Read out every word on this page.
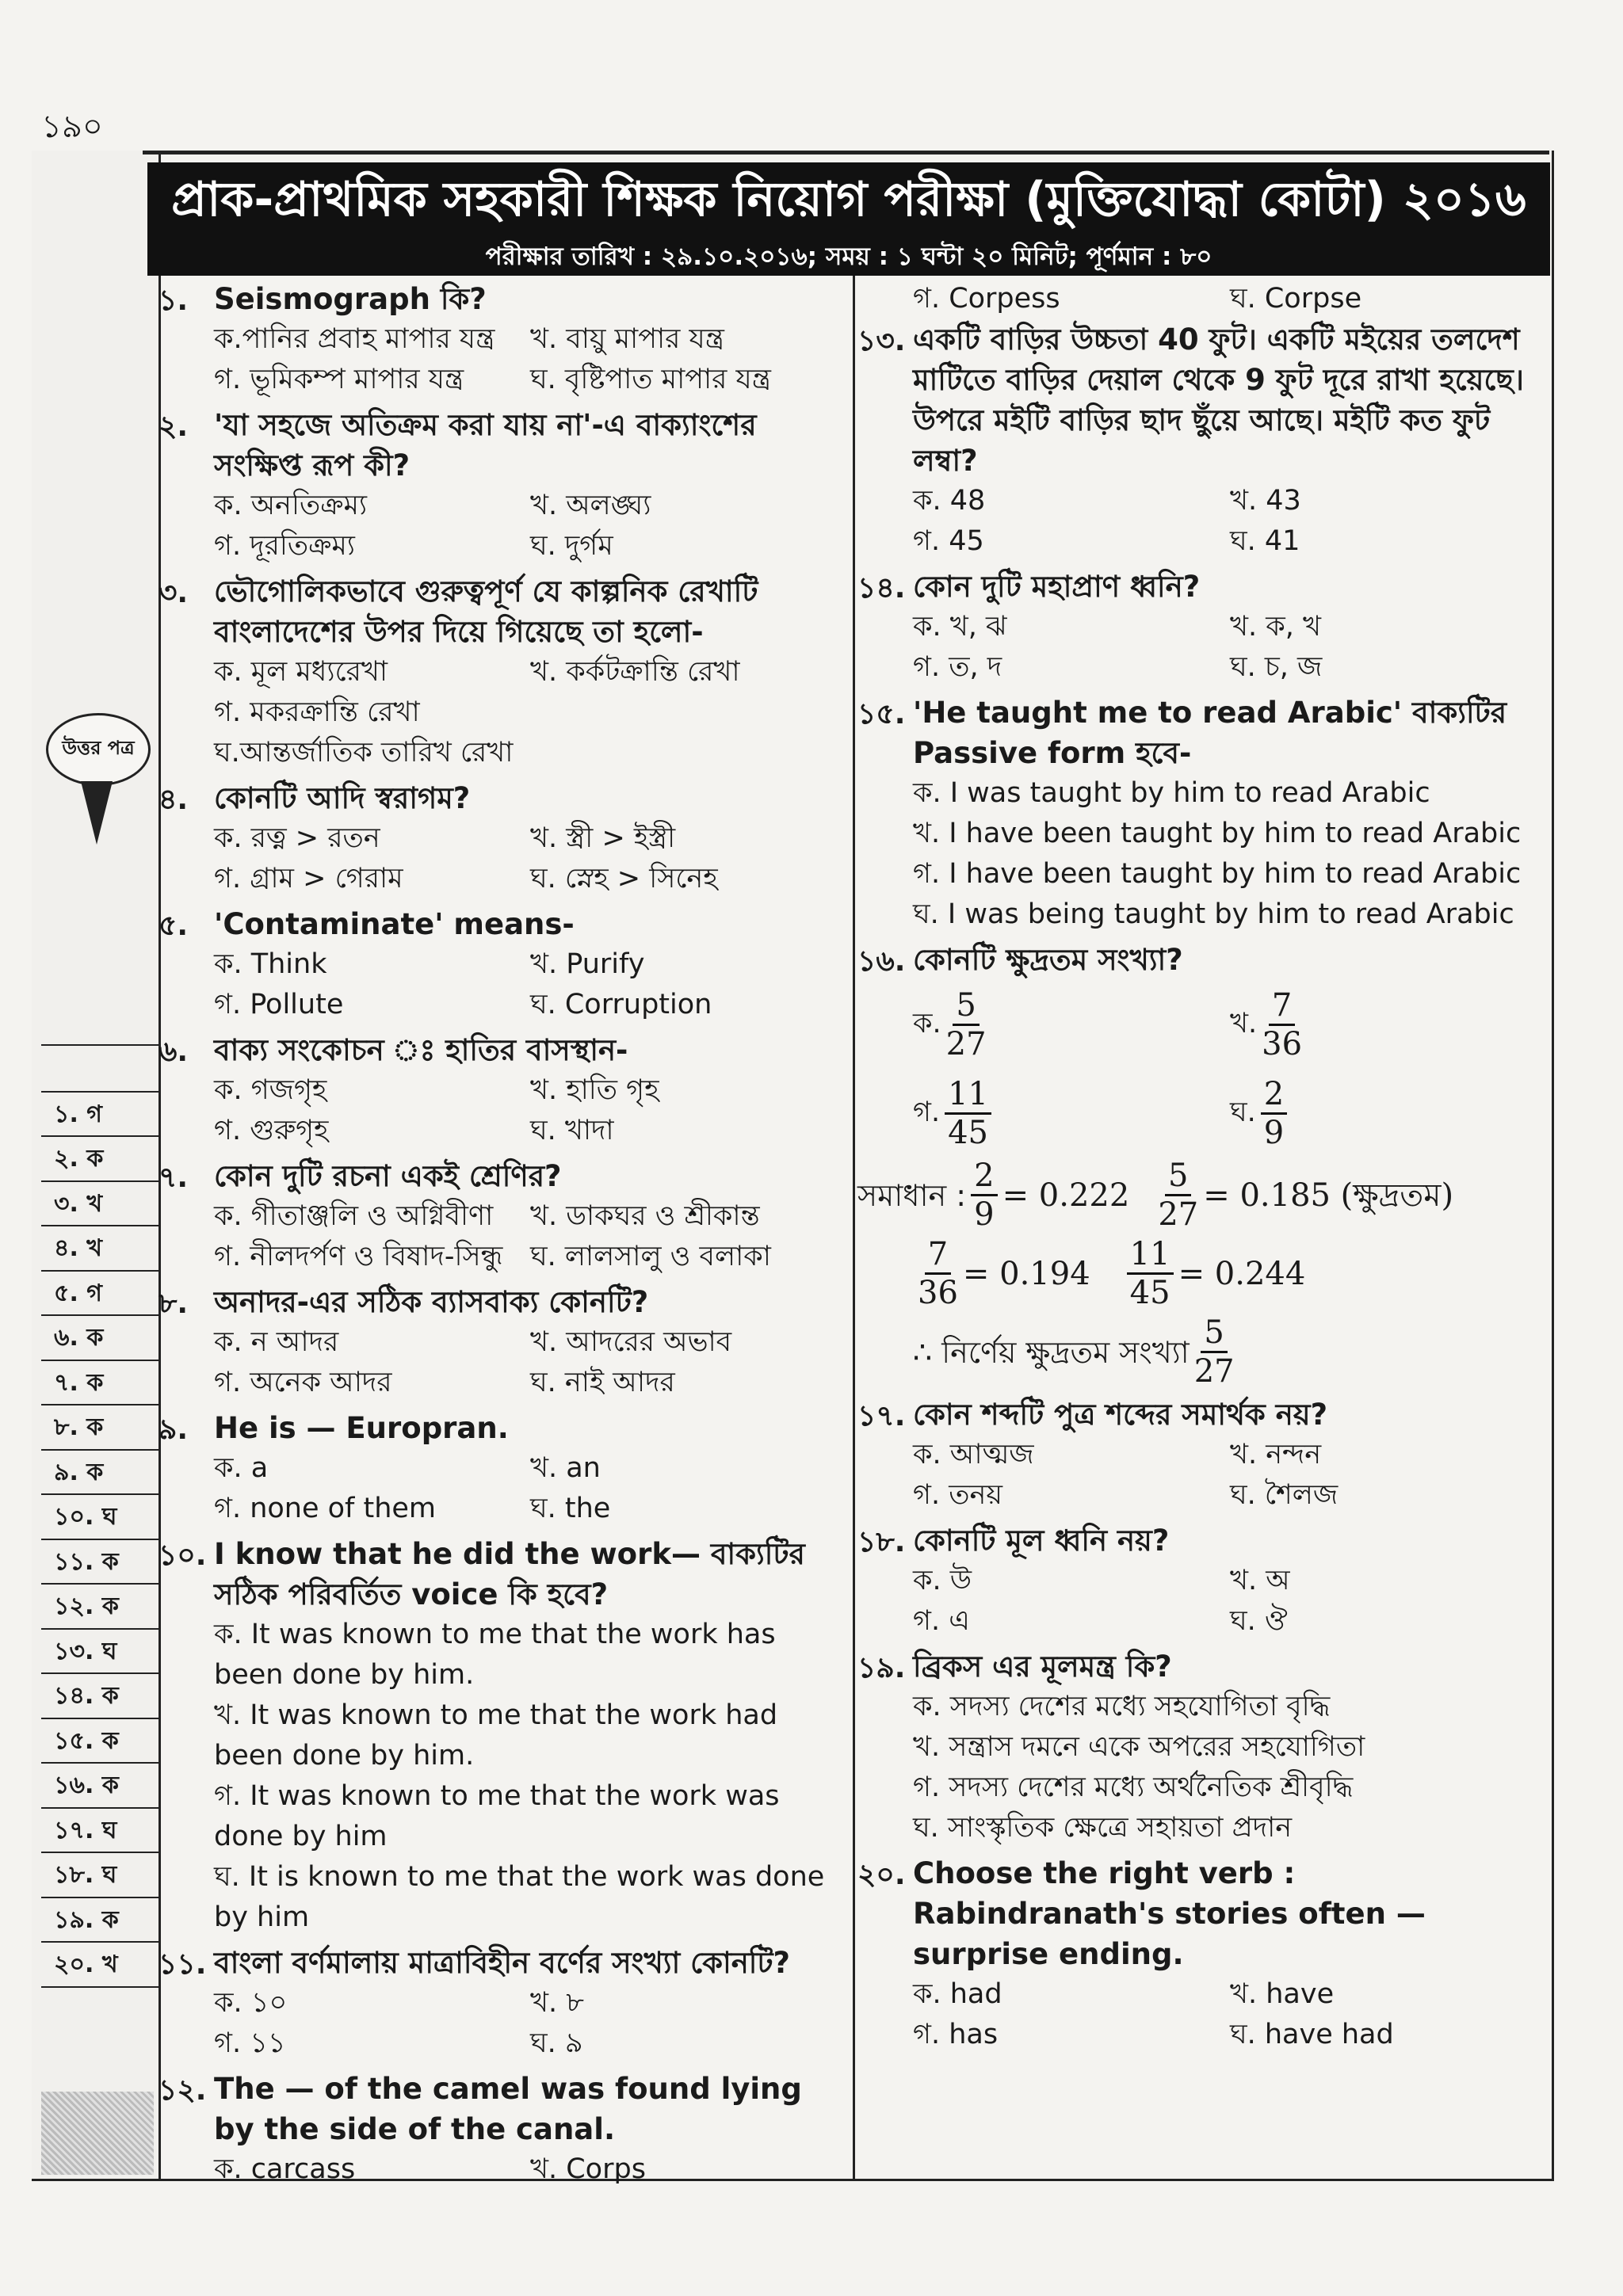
১৯০
প্রাক-প্রাথমিক সহকারী শিক্ষক নিয়োগ পরীক্ষা (মুক্তিযোদ্ধা কোটা) ২০১৬
পরীক্ষার তারিখ : ২৯.১০.২০১৬; সময় : ১ ঘন্টা ২০ মিনিট; পূর্ণমান : ৮০
উত্তর পত্র
১. গ
২. ক
৩. খ
৪. খ
৫. গ
৬. ক
৭. ক
৮. ক
৯. ক
১০. ঘ
১১. ক
১২. ক
১৩. ঘ
১৪. ক
১৫. ক
১৬. ক
১৭. ঘ
১৮. ঘ
১৯. ক
২০. খ
১. Seismograph কি?
ক.পানির প্রবাহ মাপার যন্ত্র	খ. বায়ু মাপার যন্ত্র
গ. ভূমিকম্প মাপার যন্ত্র	ঘ. বৃষ্টিপাত মাপার যন্ত্র
২. 'যা সহজে অতিক্রম করা যায় না'-এ বাক্যাংশের সংক্ষিপ্ত রূপ কী?
ক. অনতিক্রম্য	খ. অলঙ্ঘ্য
গ. দূরতিক্রম্য	ঘ. দুর্গম
৩. ভৌগোলিকভাবে গুরুত্বপূর্ণ যে কাল্পনিক রেখাটি বাংলাদেশের উপর দিয়ে গিয়েছে তা হলো-
ক. মূল মধ্যরেখা	খ. কর্কটক্রান্তি রেখা
গ. মকরক্রান্তি রেখা
ঘ.আন্তর্জাতিক তারিখ রেখা
৪. কোনটি আদি স্বরাগম?
ক. রত্ন > রতন	খ. স্ত্রী > ইস্ত্রী
গ. গ্রাম > গেরাম	ঘ. স্নেহ > সিনেহ
৫. 'Contaminate' means-
ক. Think	খ. Purify
গ. Pollute	ঘ. Corruption
৬. বাক্য সংকোচন ঃ হাতির বাসস্থান-
ক. গজগৃহ	খ. হাতি গৃহ
গ. গুরুগৃহ	ঘ. খাদা
৭. কোন দুটি রচনা একই শ্রেণির?
ক. গীতাঞ্জলি ও অগ্নিবীণা	খ. ডাকঘর ও শ্রীকান্ত
গ. নীলদর্পণ ও বিষাদ-সিন্ধু ঘ. লালসালু ও বলাকা
৮. অনাদর-এর সঠিক ব্যাসবাক্য কোনটি?
ক. ন আদর	খ. আদরের অভাব
গ. অনেক আদর	ঘ. নাই আদর
৯. He is — Europran.
ক. a	খ. an
গ. none of them	ঘ. the
১০. I know that he did the work— বাক্যটির সঠিক পরিবর্তিত voice কি হবে?
ক. It was known to me that the work has been done by him.
খ. It was known to me that the work had been done by him.
গ. It was known to me that the work was done by him
ঘ. It is known to me that the work was done by him
১১. বাংলা বর্ণমালায় মাত্রাবিহীন বর্ণের সংখ্যা কোনটি?
ক. ১০	খ. ৮
গ. ১১	ঘ. ৯
১২. The — of the camel was found lying by the side of the canal.
ক. carcass	খ. Corps
গ. Corpess	ঘ. Corpse
১৩. একটি বাড়ির উচ্চতা 40 ফুট। একটি মইয়ের তলদেশ মাটিতে বাড়ির দেয়াল থেকে 9 ফুট দূরে রাখা হয়েছে। উপরে মইটি বাড়ির ছাদ ছুঁয়ে আছে। মইটি কত ফুট লম্বা?
ক. 48	খ. 43
গ. 45	ঘ. 41
১৪. কোন দুটি মহাপ্রাণ ধ্বনি?
ক. খ, ঝ	খ. ক, খ
গ. ত, দ	ঘ. চ, জ
১৫. 'He taught me to read Arabic' বাক্যটির Passive form হবে-
ক. I was taught by him to read Arabic
খ. I have been taught by him to read Arabic
গ. I have been taught by him to read Arabic
ঘ. I was being taught by him to read Arabic
১৬. কোনটি ক্ষুদ্রতম সংখ্যা?
ক. $\frac{5}{27}$	খ. $\frac{7}{36}$
গ. $\frac{11}{45}$	ঘ. $\frac{2}{9}$
সমাধান : $\frac{2}{9} = 0.222 \frac{5}{27} = 0.185$ (ক্ষুদ্রতম)
$\frac{7}{36} = 0.194 \frac{11}{45} = 0.244$
∴ নির্ণেয় ক্ষুদ্রতম সংখ্যা $\frac{5}{27}$
১৭. কোন শব্দটি পুত্র শব্দের সমার্থক নয়?
ক. আত্মজ	খ. নন্দন
গ. তনয়	ঘ. শৈলজ
১৮. কোনটি মূল ধ্বনি নয়?
ক. উ	খ. অ
গ. এ	ঘ. ঔ
১৯. ব্রিকস এর মূলমন্ত্র কি?
ক. সদস্য দেশের মধ্যে সহযোগিতা বৃদ্ধি
খ. সন্ত্রাস দমনে একে অপরের সহযোগিতা
গ. সদস্য দেশের মধ্যে অর্থনৈতিক শ্রীবৃদ্ধি
ঘ. সাংস্কৃতিক ক্ষেত্রে সহায়তা প্রদান
২০. Choose the right verb : Rabindranath's stories often — surprise ending.
ক. had	খ. have
গ. has	ঘ. have had
